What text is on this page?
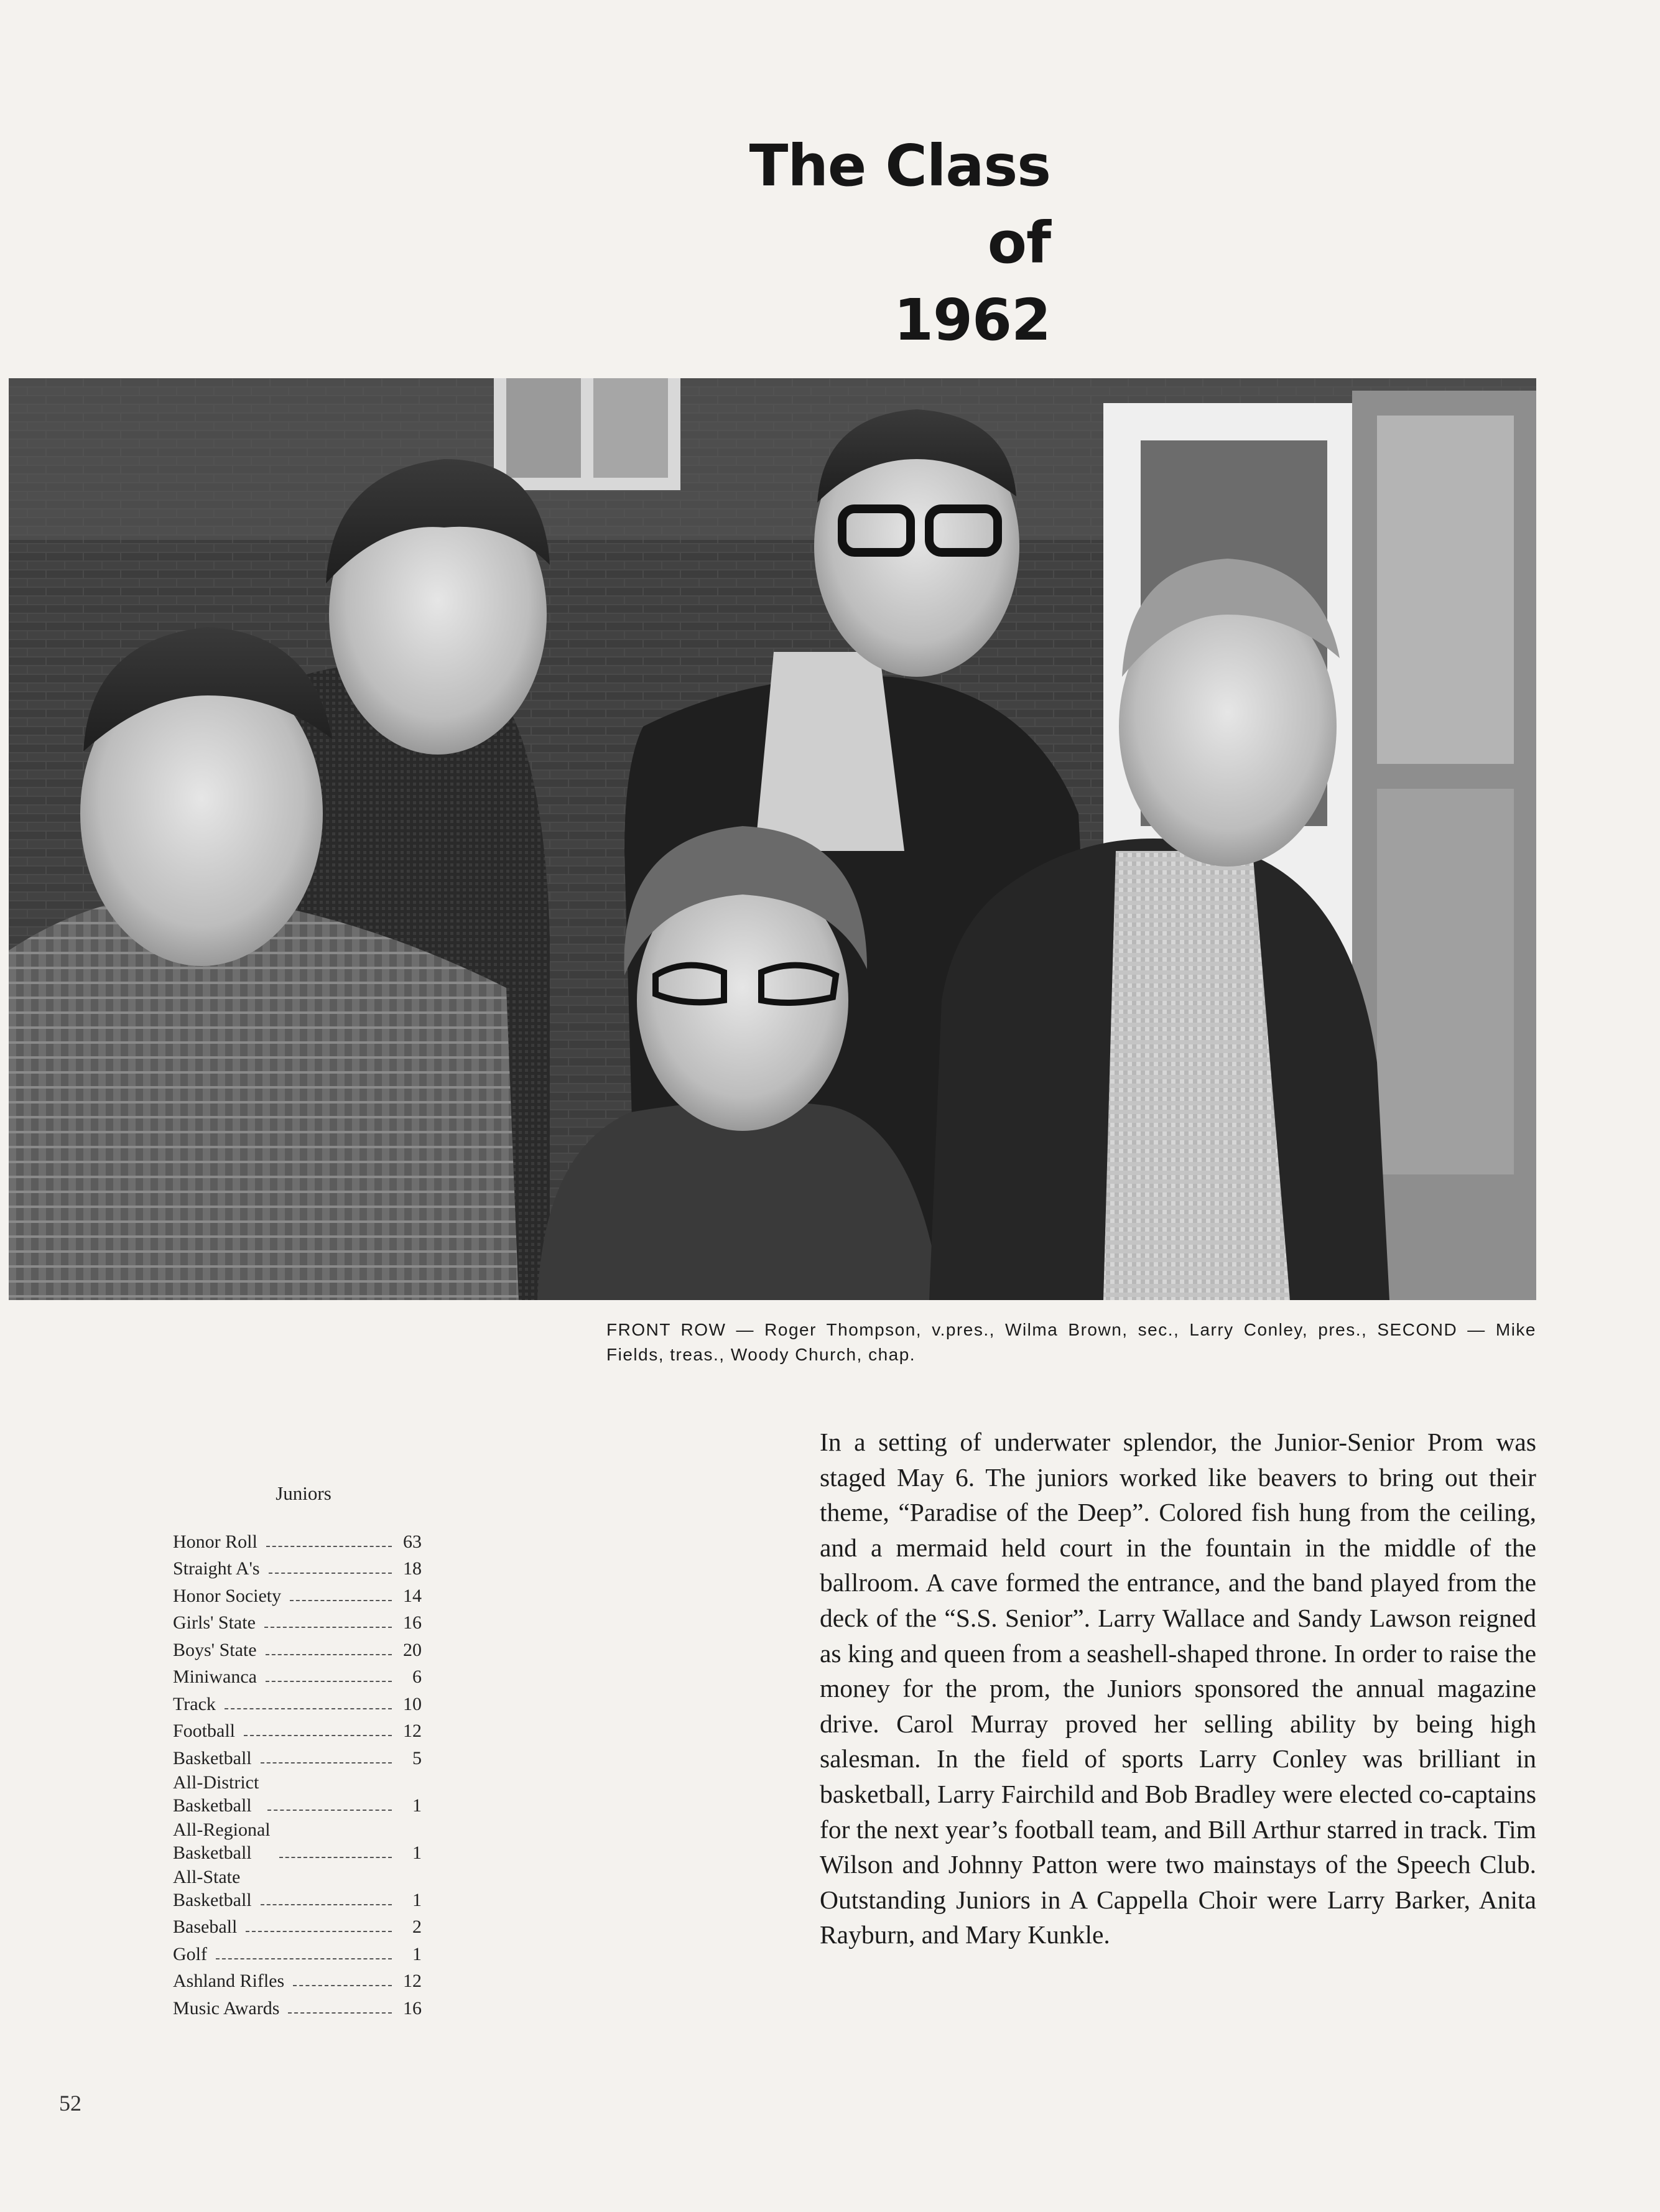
The Class
of
1962
FRONT ROW — Roger Thompson, v.pres., Wilma Brown, sec., Larry Conley, pres., SECOND — Mike Fields, treas., Woody Church, chap.
Juniors
Honor Roll	63
Straight A's	18
Honor Society	14
Girls' State	16
Boys' State	20
Miniwanca	6
Track	10
Football	12
Basketball	5
All-District
Basketball	1
All-Regional
Basketball	1
All-State
Basketball	1
Baseball	2
Golf	1
Ashland Rifles	12
Music Awards	16
In a setting of underwater splendor, the Junior-Senior Prom was staged May 6. The juniors worked like beavers to bring out their theme, “Paradise of the Deep”. Colored fish hung from the ceiling, and a mermaid held court in the fountain in the middle of the ballroom. A cave formed the entrance, and the band played from the deck of the “S.S. Senior”. Larry Wallace and Sandy Lawson reigned as king and queen from a seashell-shaped throne. In order to raise the money for the prom, the Juniors sponsored the annual magazine drive. Carol Murray proved her selling ability by being high salesman. In the field of sports Larry Conley was brilliant in basketball, Larry Fairchild and Bob Bradley were elected co-captains for the next year’s football team, and Bill Arthur starred in track. Tim Wilson and Johnny Patton were two mainstays of the Speech Club. Outstanding Juniors in A Cappella Choir were Larry Barker, Anita Rayburn, and Mary Kunkle.
52
